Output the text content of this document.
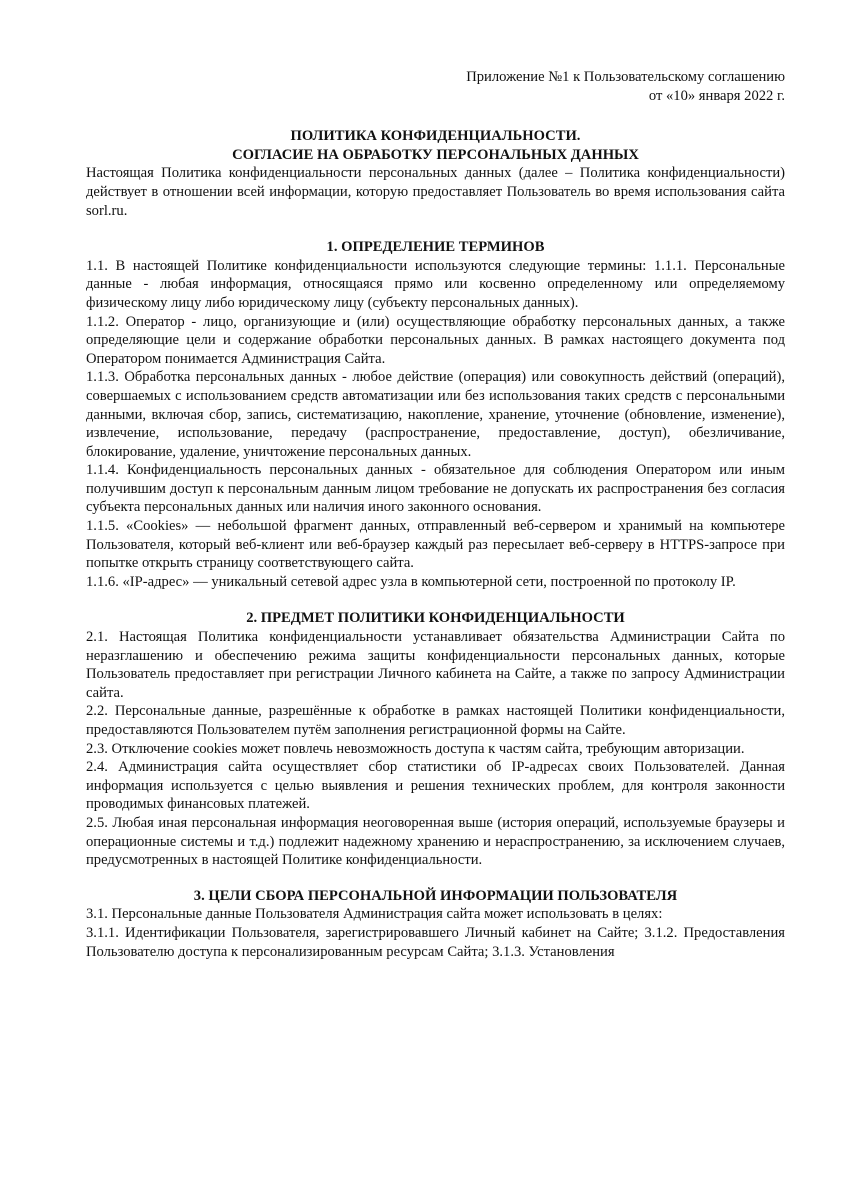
Приложение №1 к Пользовательскому соглашению
от «10» января 2022 г.
ПОЛИТИКА КОНФИДЕНЦИАЛЬНОСТИ.
СОГЛАСИЕ НА ОБРАБОТКУ ПЕРСОНАЛЬНЫХ ДАННЫХ

Настоящая Политика конфиденциальности персональных данных (далее – Политика конфиденциальности) действует в отношении всей информации, которую предоставляет Пользователь во время использования сайта sorl.ru.

1. ОПРЕДЕЛЕНИЕ ТЕРМИНОВ

1.1. В настоящей Политике конфиденциальности используются следующие термины: 1.1.1. Персональные данные - любая информация, относящаяся прямо или косвенно определенному или определяемому физическому лицу либо юридическому лицу (субъекту персональных данных).

1.1.2. Оператор - лицо, организующие и (или) осуществляющие обработку персональных данных, а также определяющие цели и содержание обработки персональных данных. В рамках настоящего документа под Оператором понимается Администрация Сайта.

1.1.3. Обработка персональных данных - любое действие (операция) или совокупность действий (операций), совершаемых с использованием средств автоматизации или без использования таких средств с персональными данными, включая сбор, запись, систематизацию, накопление, хранение, уточнение (обновление, изменение), извлечение, использование, передачу (распространение, предоставление, доступ), обезличивание, блокирование, удаление, уничтожение персональных данных.

1.1.4. Конфиденциальность персональных данных - обязательное для соблюдения Оператором или иным получившим доступ к персональным данным лицом требование не допускать их распространения без согласия субъекта персональных данных или наличия иного законного основания.

1.1.5. «Cookies» — небольшой фрагмент данных, отправленный веб-сервером и хранимый на компьютере Пользователя, который веб-клиент или веб-браузер каждый раз пересылает веб-серверу в HTTPS-запросе при попытке открыть страницу соответствующего сайта.

1.1.6. «IP-адрес» — уникальный сетевой адрес узла в компьютерной сети, построенной по протоколу IP.

2. ПРЕДМЕТ ПОЛИТИКИ КОНФИДЕНЦИАЛЬНОСТИ

2.1. Настоящая Политика конфиденциальности устанавливает обязательства Администрации Сайта по неразглашению и обеспечению режима защиты конфиденциальности персональных данных, которые Пользователь предоставляет при регистрации Личного кабинета на Сайте, а также по запросу Администрации сайта.

2.2. Персональные данные, разрешённые к обработке в рамках настоящей Политики конфиденциальности, предоставляются Пользователем путём заполнения регистрационной формы на Сайте.

2.3. Отключение cookies может повлечь невозможность доступа к частям сайта, требующим авторизации.

2.4. Администрация сайта осуществляет сбор статистики об IP-адресах своих Пользователей. Данная информация используется с целью выявления и решения технических проблем, для контроля законности проводимых финансовых платежей.

2.5. Любая иная персональная информация неоговоренная выше (история операций, используемые браузеры и операционные системы и т.д.) подлежит надежному хранению и нераспространению, за исключением случаев, предусмотренных в настоящей Политике конфиденциальности.

3. ЦЕЛИ СБОРА ПЕРСОНАЛЬНОЙ ИНФОРМАЦИИ ПОЛЬЗОВАТЕЛЯ

3.1. Персональные данные Пользователя Администрация сайта может использовать в целях:

3.1.1. Идентификации Пользователя, зарегистрировавшего Личный кабинет на Сайте; 3.1.2. Предоставления Пользователю доступа к персонализированным ресурсам Сайта; 3.1.3. Установления
